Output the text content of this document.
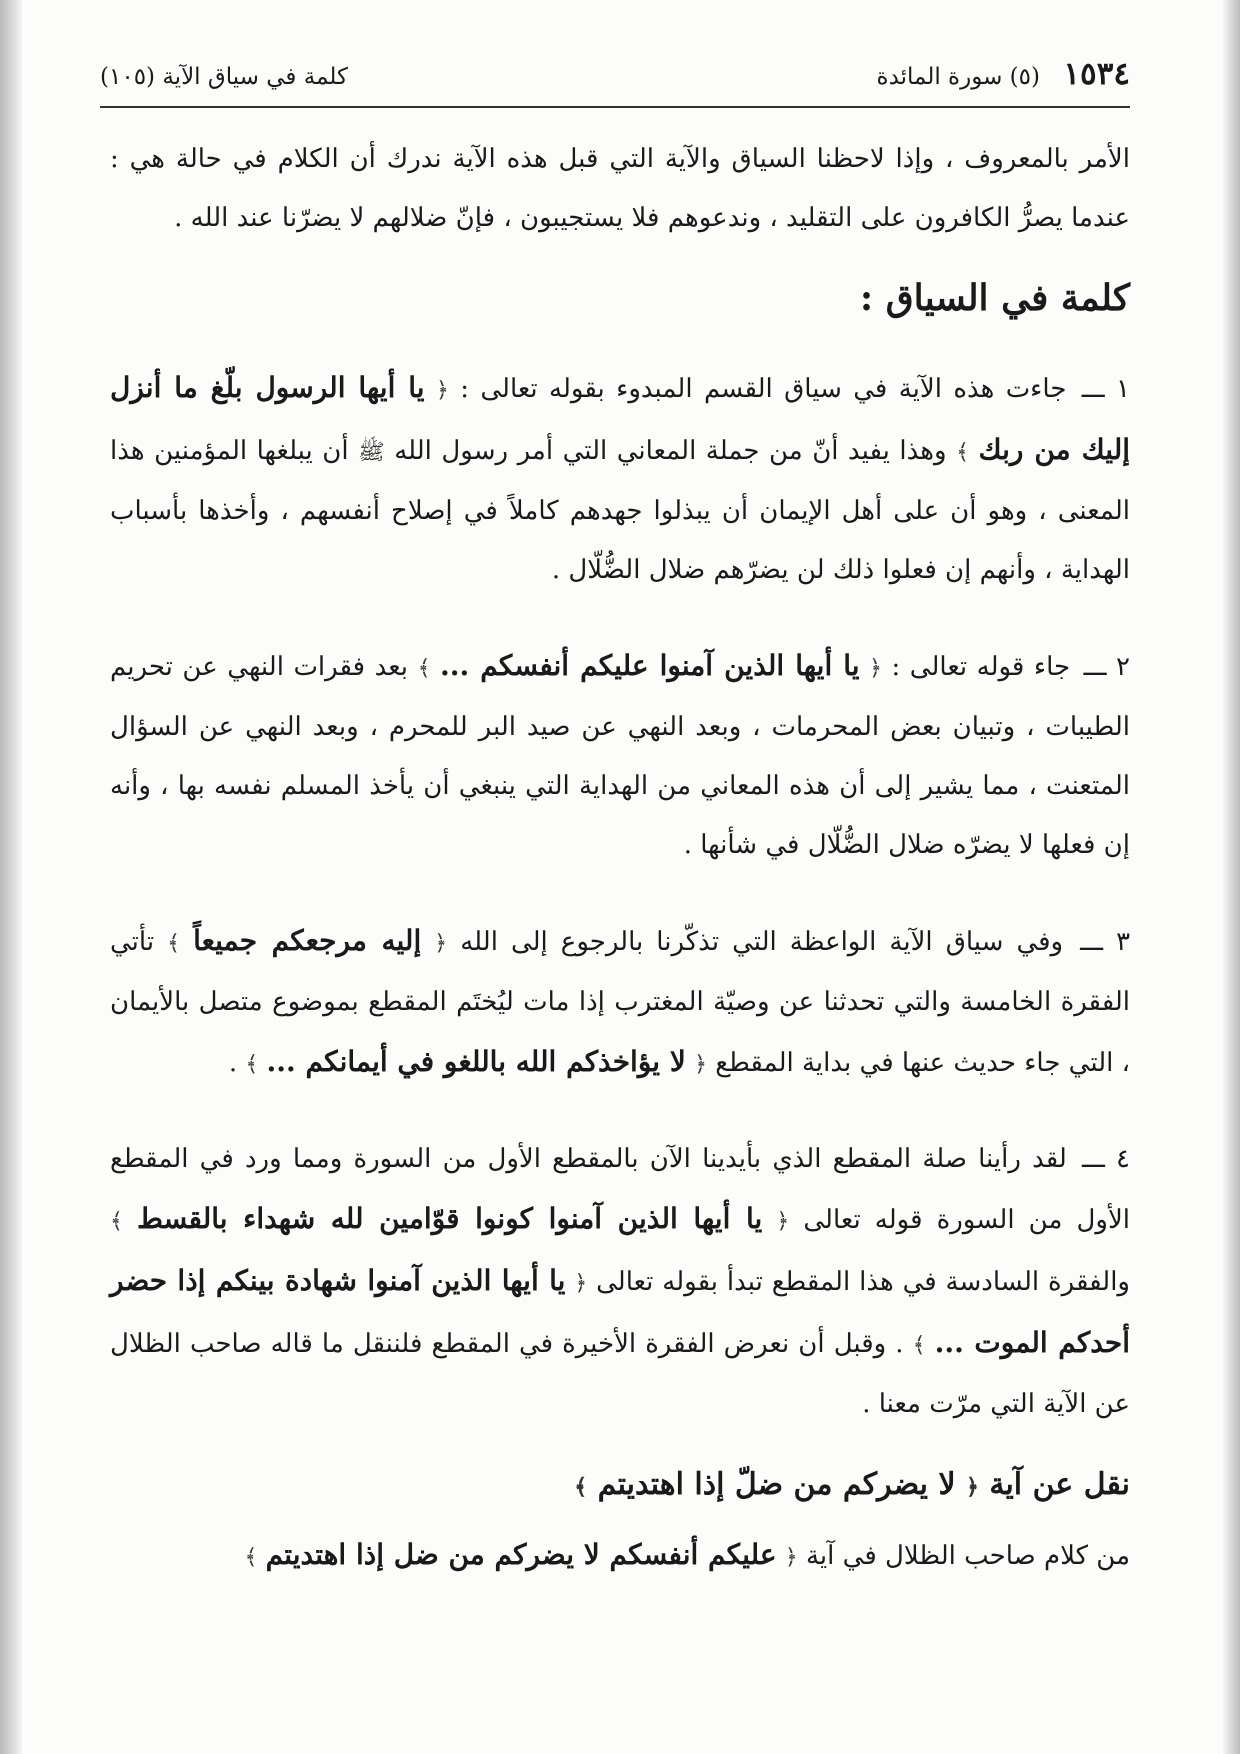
١٥٣٤
(٥) سورة المائدة
كلمة في سياق الآية (١٠٥)

الأمر بالمعروف ، وإذا لاحظنا السياق والآية التي قبل هذه الآية ندرك أن الكلام في حالة هي : عندما يصرُّ الكافرون على التقليد ، وندعوهم فلا يستجيبون ، فإنّ ضلالهم لا يضرّنا عند الله .

كلمة في السياق :

١ ـــ جاءت هذه الآية في سياق القسم المبدوء بقوله تعالى : ﴿ يا أيها الرسول بلّغ ما أنزل إليك من ربك ﴾ وهذا يفيد أنّ من جملة المعاني التي أمر رسول الله ﷺ أن يبلغها المؤمنين هذا المعنى ، وهو أن على أهل الإيمان أن يبذلوا جهدهم كاملاً في إصلاح أنفسهم ، وأخذها بأسباب الهداية ، وأنهم إن فعلوا ذلك لن يضرّهم ضلال الضُّلّال .

٢ ـــ جاء قوله تعالى : ﴿ يا أيها الذين آمنوا عليكم أنفسكم ... ﴾ بعد فقرات النهي عن تحريم الطيبات ، وتبيان بعض المحرمات ، وبعد النهي عن صيد البر للمحرم ، وبعد النهي عن السؤال المتعنت ، مما يشير إلى أن هذه المعاني من الهداية التي ينبغي أن يأخذ المسلم نفسه بها ، وأنه إن فعلها لا يضرّه ضلال الضُّلّال في شأنها .

٣ ـــ وفي سياق الآية الواعظة التي تذكّرنا بالرجوع إلى الله ﴿ إليه مرجعكم جميعاً ﴾ تأتي الفقرة الخامسة والتي تحدثنا عن وصيّة المغترب إذا مات ليُختَم المقطع بموضوع متصل بالأيمان ، التي جاء حديث عنها في بداية المقطع ﴿ لا يؤاخذكم الله باللغو في أيمانكم ... ﴾ .

٤ ـــ لقد رأينا صلة المقطع الذي بأيدينا الآن بالمقطع الأول من السورة ومما ورد في المقطع الأول من السورة قوله تعالى ﴿ يا أيها الذين آمنوا كونوا قوّامين لله شهداء بالقسط ﴾ والفقرة السادسة في هذا المقطع تبدأ بقوله تعالى ﴿ يا أيها الذين آمنوا شهادة بينكم إذا حضر أحدكم الموت ... ﴾ . وقبل أن نعرض الفقرة الأخيرة في المقطع فلننقل ما قاله صاحب الظلال عن الآية التي مرّت معنا .

نقل عن آية ﴿ لا يضركم من ضلّ إذا اهتديتم ﴾

من كلام صاحب الظلال في آية ﴿ عليكم أنفسكم لا يضركم من ضل إذا اهتديتم ﴾
